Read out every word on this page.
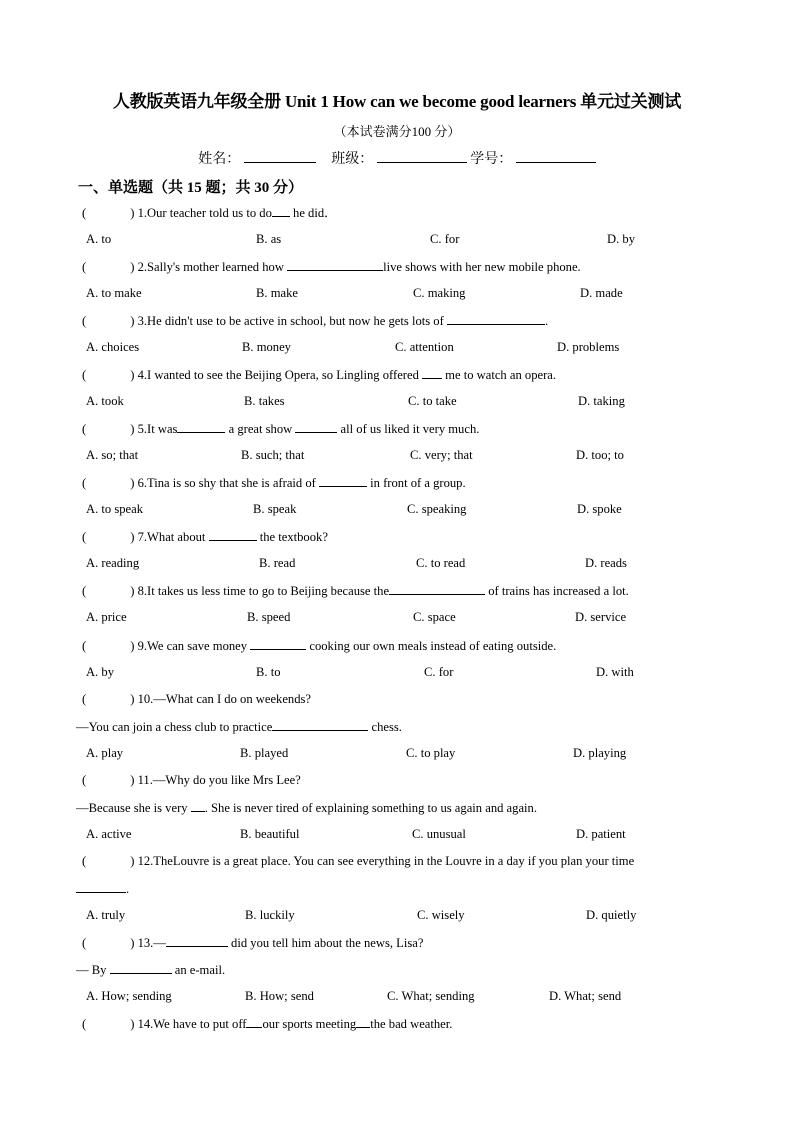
人教版英语九年级全册 Unit 1 How can we become good learners 单元过关测试
（本试卷满分100 分）
姓名：	班级：	学号：
一、单选题（共 15 题；共 30 分）
(	) 1.Our teacher told us to do he did．
A. to	B. as	C. for	D. by
(	) 2.Sally's mother learned how	live shows with her new mobile phone.
A. to make	B. make	C. making	D. made
(	) 3.He didn't use to be active in school, but now he gets lots of	.
A. choices	B. money	C. attention	D. problems
(	) 4.I wanted to see the Beijing Opera, so Lingling offered  me to watch an opera.
A. took	B. takes	C. to take	D. taking
(	) 5.It was	a great show	all of us liked it very much.
A. so; that	B. such; that	C. very; that	D. too; to
(	) 6.Tina is so shy that she is afraid of	in front of a group.
A. to speak	B. speak	C. speaking	D. spoke
(	) 7.What about	the textbook?
A. reading	B. read	C. to read	D. reads
(	) 8.It takes us less time to go to Beijing because the	of trains has increased a lot.
A. price	B. speed	C. space	D. service
(	) 9.We can save money	cooking our own meals instead of eating outside.
A. by	B. to	C. for	D. with
(	) 10.—What can I do on weekends?
—You can join a chess club to practice	chess.
A. play	B. played	C. to play	D. playing
(	) 11.—Why do you like Mrs Lee?
—Because she is very . She is never tired of explaining something to us again and again.
A. active	B. beautiful	C. unusual	D. patient
(	) 12.TheLouvre is a great place. You can see everything in the Louvre in a day if you plan your time
.
A. truly	B. luckily	C. wisely	D. quietly
(	) 13.—	did you tell him about the news, Lisa?
— By	an e-mail.
A. How; sending	B. How; send	C. What; sending	D. What; send
(	) 14.We have to put off our sports meeting the bad weather.
